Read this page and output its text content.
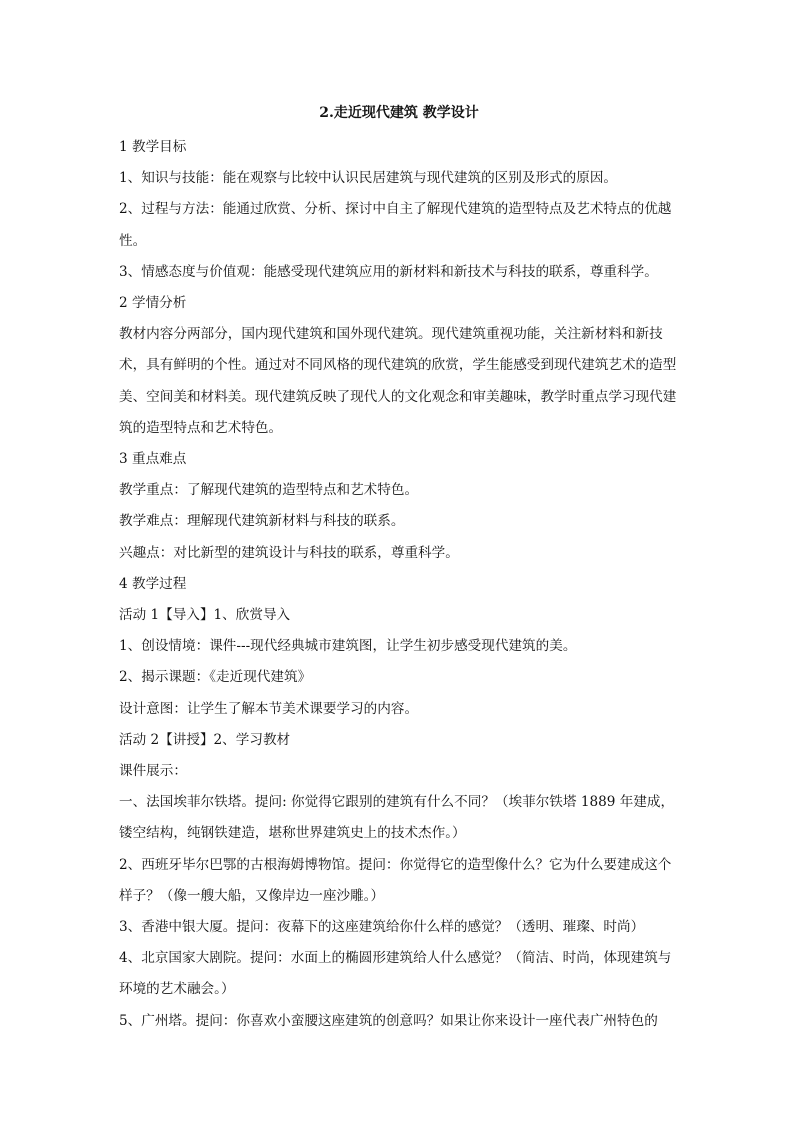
2.走近现代建筑 教学设计

1 教学目标

1、知识与技能：能在观察与比较中认识民居建筑与现代建筑的区别及形式的原因。

2、过程与方法：能通过欣赏、分析、探讨中自主了解现代建筑的造型特点及艺术特点的优越性。

3、情感态度与价值观：能感受现代建筑应用的新材料和新技术与科技的联系，尊重科学。

2 学情分析

教材内容分两部分，国内现代建筑和国外现代建筑。现代建筑重视功能，关注新材料和新技术，具有鲜明的个性。通过对不同风格的现代建筑的欣赏，学生能感受到现代建筑艺术的造型美、空间美和材料美。现代建筑反映了现代人的文化观念和审美趣味，教学时重点学习现代建筑的造型特点和艺术特色。

3 重点难点

教学重点：了解现代建筑的造型特点和艺术特色。

教学难点：理解现代建筑新材料与科技的联系。

兴趣点：对比新型的建筑设计与科技的联系，尊重科学。

4 教学过程

活动 1【导入】1、欣赏导入

1、创设情境：课件---现代经典城市建筑图，让学生初步感受现代建筑的美。

2、揭示课题：《走近现代建筑》

设计意图：让学生了解本节美术课要学习的内容。

活动 2【讲授】2、学习教材

课件展示：

一、法国埃菲尔铁塔。提问: 你觉得它跟别的建筑有什么不同？（埃菲尔铁塔 1889 年建成，镂空结构，纯钢铁建造，堪称世界建筑史上的技术杰作。）

2、西班牙毕尔巴鄂的古根海姆博物馆。提问：你觉得它的造型像什么？它为什么要建成这个样子？（像一艘大船，又像岸边一座沙雕。）

3、香港中银大厦。提问：夜幕下的这座建筑给你什么样的感觉？（透明、璀璨、时尚）

4、北京国家大剧院。提问：水面上的椭圆形建筑给人什么感觉？（简洁、时尚，体现建筑与环境的艺术融会。）

5、广州塔。提问：你喜欢小蛮腰这座建筑的创意吗？如果让你来设计一座代表广州特色的
